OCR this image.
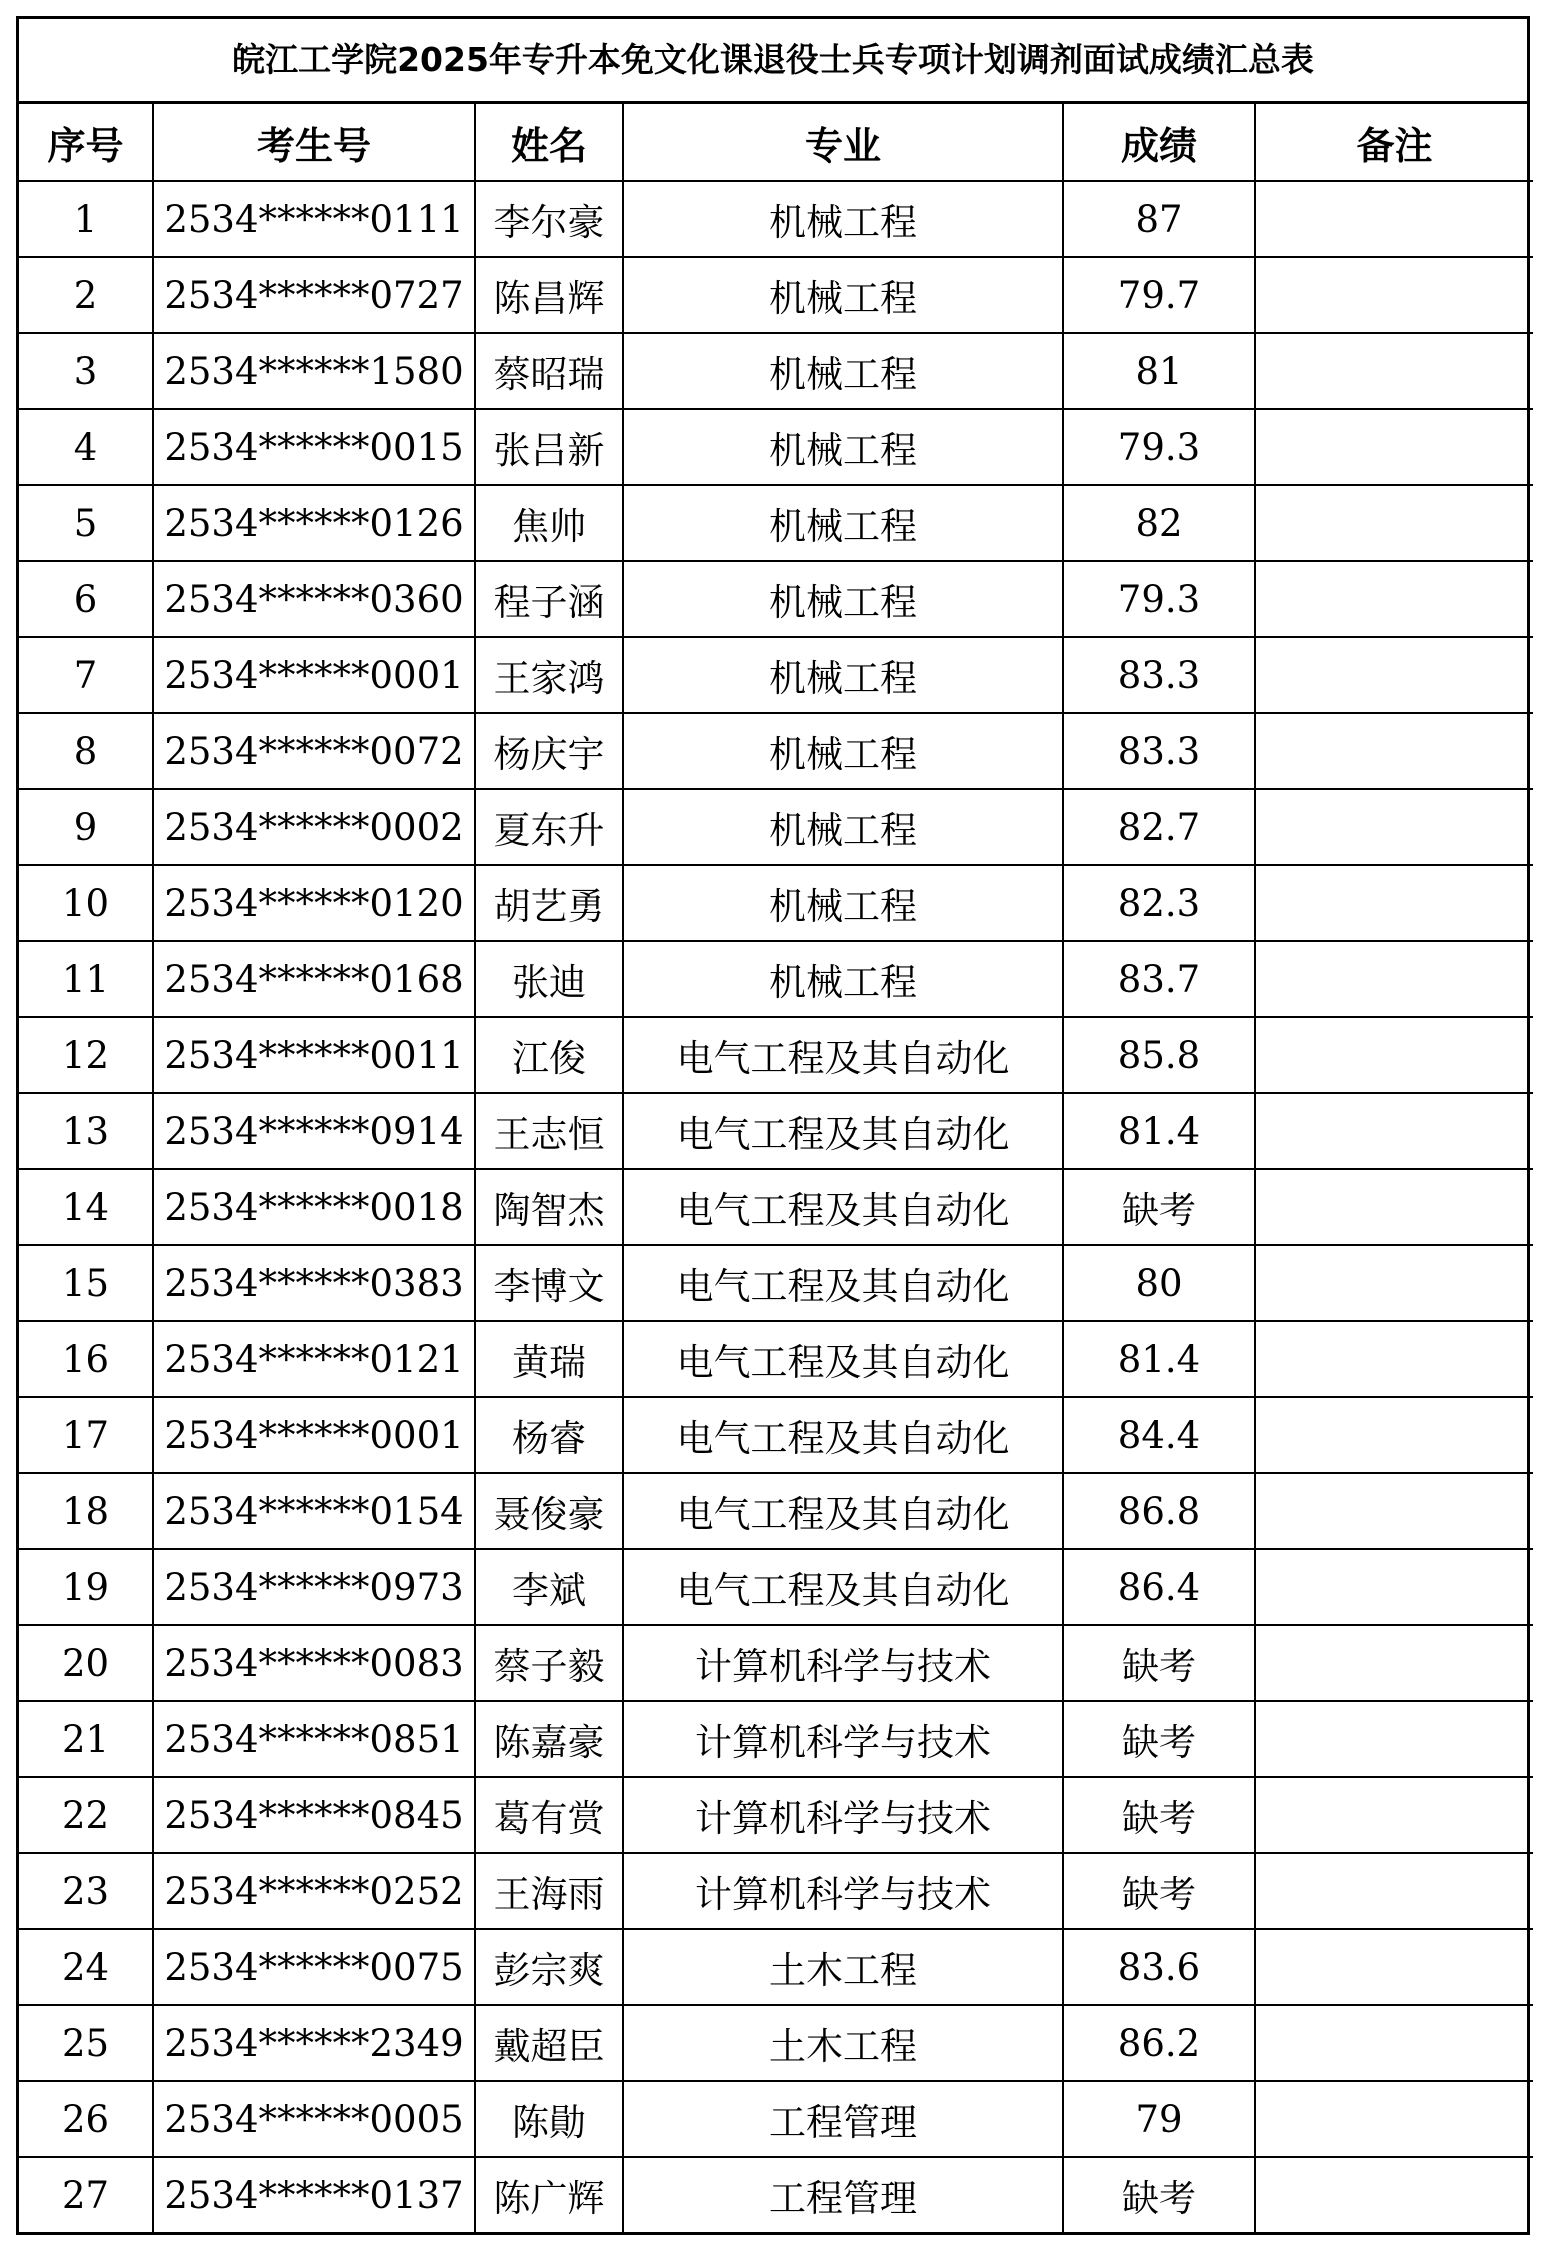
皖江工学院2025年专升本免文化课退役士兵专项计划调剂面试成绩汇总表
序号	考生号	姓名	专业	成绩	备注
1	2534******0111	李尔豪	机械工程	87	
2	2534******0727	陈昌辉	机械工程	79.7	
3	2534******1580	蔡昭瑞	机械工程	81	
4	2534******0015	张吕新	机械工程	79.3	
5	2534******0126	焦帅	机械工程	82	
6	2534******0360	程子涵	机械工程	79.3	
7	2534******0001	王家鸿	机械工程	83.3	
8	2534******0072	杨庆宇	机械工程	83.3	
9	2534******0002	夏东升	机械工程	82.7	
10	2534******0120	胡艺勇	机械工程	82.3	
11	2534******0168	张迪	机械工程	83.7	
12	2534******0011	江俊	电气工程及其自动化	85.8	
13	2534******0914	王志恒	电气工程及其自动化	81.4	
14	2534******0018	陶智杰	电气工程及其自动化	缺考	
15	2534******0383	李博文	电气工程及其自动化	80	
16	2534******0121	黄瑞	电气工程及其自动化	81.4	
17	2534******0001	杨睿	电气工程及其自动化	84.4	
18	2534******0154	聂俊豪	电气工程及其自动化	86.8	
19	2534******0973	李斌	电气工程及其自动化	86.4	
20	2534******0083	蔡子毅	计算机科学与技术	缺考	
21	2534******0851	陈嘉豪	计算机科学与技术	缺考	
22	2534******0845	葛有赏	计算机科学与技术	缺考	
23	2534******0252	王海雨	计算机科学与技术	缺考	
24	2534******0075	彭宗爽	土木工程	83.6	
25	2534******2349	戴超臣	土木工程	86.2	
26	2534******0005	陈勛	工程管理	79	
27	2534******0137	陈广辉	工程管理	缺考	
